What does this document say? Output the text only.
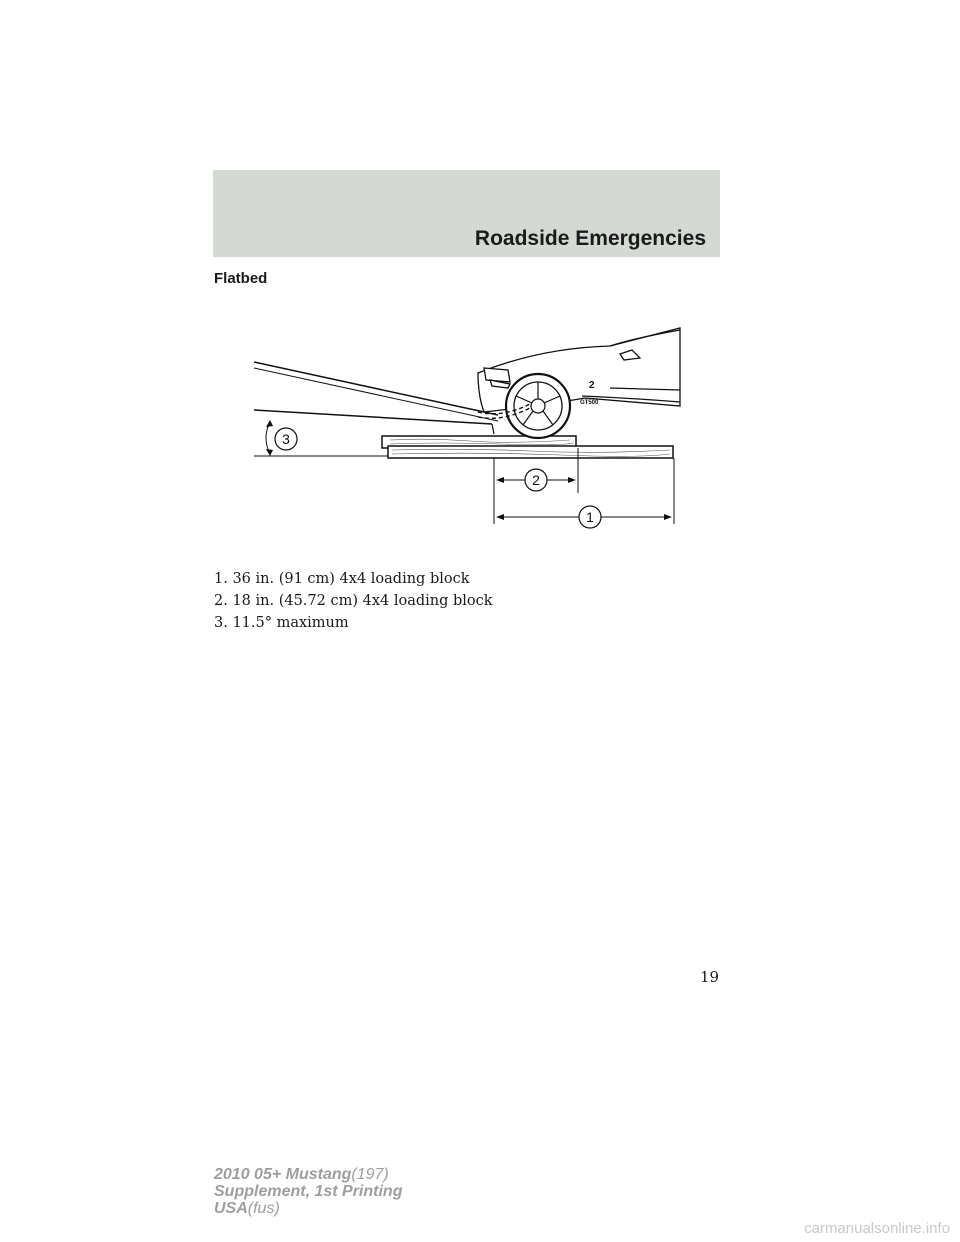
Roadside Emergencies
Flatbed
3
GT500
2
2
1
1. 36 in. (91 cm) 4x4 loading block
2. 18 in. (45.72 cm) 4x4 loading block
3. 11.5° maximum
19
2010 05+ Mustang(197)
Supplement, 1st Printing
USA(fus)
carmanualsonline.info
